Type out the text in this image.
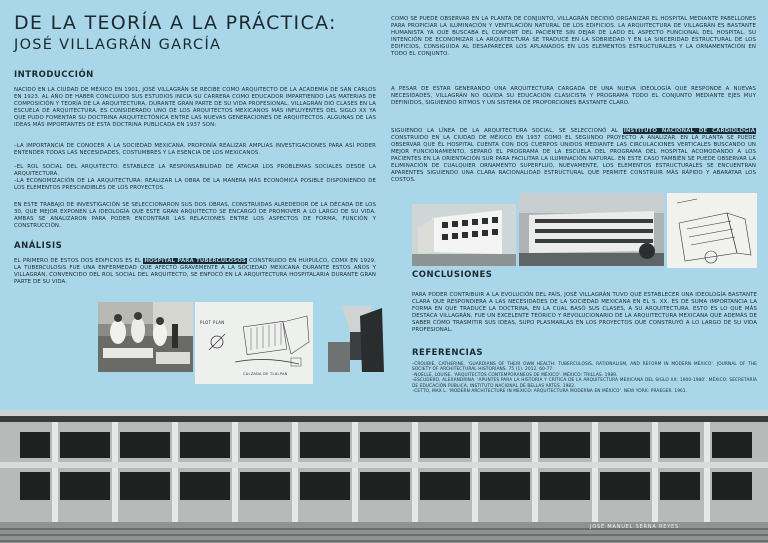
DE LA TEORÍA A LA PRÁCTICA:
JOSÉ VILLAGRÁN GARCÍA
INTRODUCCIÓN
NACIDO EN LA CIUDAD DE MÉXICO EN 1901, JOSÉ VILLAGRÁN SE RECIBE COMO ARQUITECTO DE LA ACADEMIA DE SAN CARLOS EN 1923. AL AÑO DE HABER CONCLUIDO SUS ESTUDIOS INICIA SU CARRERA COMO EDUCADOR IMPARTIENDO LAS MATERIAS DE COMPOSICIÓN Y TEORÍA DE LA ARQUITECTURA, DURANTE GRAN PARTE DE SU VIDA PROFESIONAL. VILLAGRÁN DIÓ CLASES EN LA ESCUELA DE ARQUITECTURA. ES CONSIDERADO UNO DE LOS ARQUITECTOS MEXICANOS MÁS INFLUYENTES DEL SIGLO XX YA QUE PUDO FOMENTAR SU DOCTRINA ARQUITECTÓNICA ENTRE LAS NUEVAS GENERACIONES DE ARQUITECTOS. ALGUNAS DE LAS IDEAS MÁS IMPORTANTES DE ESTA DOCTRINA PUBLICADA EN 1937 SON:
–LA IMPORTANCIA DE CONOCER A LA SOCIEDAD MEXICANA. PROPONÍA REALIZAR AMPLIAS INVESTIGACIONES PARA ASÍ PODER ENTENDER TODAS LAS NECESIDADES, COSTUMBRES Y LA ESENCIA DE LOS MEXICANOS.
–EL ROL SOCIAL DEL ARQUITECTO: ESTABLECE LA RESPONSABILIDAD DE ATACAR LOS PROBLEMAS SOCIALES DESDE LA ARQUITECTURA.
–LA ECONOMIZACIÓN DE LA ARQUITECTURA: REALIZAR LA OBRA DE LA MANERA MÁS ECONÓMICA POSIBLE DISPONIENDO DE LOS ELEMENTOS PRESCINDIBLES DE LOS PROYECTOS.
EN ESTE TRABAJO DE INVESTIGACIÓN SE SELECCIONARON SUS DOS OBRAS, CONSTRUIDAS ALREDEDOR DE LA DÉCADA DE LOS 30, QUE MEJOR EXPONEN LA IDEOLOGÍA QUE ESTE GRAN ARQUITECTO SE ENCARGÓ DE PROMOVER A LO LARGO DE SU VIDA. AMBAS SE ANALIZARON PARA PODER ENCONTRAR LAS RELACIONES ENTRE LOS ASPECTOS DE FORMA, FUNCIÓN Y CONSTRUCCIÓN.
ANÁLISIS
EL PRIMERO DE ESTOS DOS EDIFICIOS ES EL HOSPITAL PARA TUBERCULOSOS CONSTRUIDO EN HUIPULCO, CDMX EN 1929. LA TUBERCULOSIS FUE UNA ENFERMEDAD QUE AFECTÓ GRAVEMENTE A LA SOCIEDAD MEXICANA DURANTE ESTOS AÑOS Y VILLAGRÁN, CONVENCIDO DEL ROL SOCIAL DEL ARQUITECTO, SE ENFOCÓ EN LA ARQUITECTURA HOSPITALARIA DURANTE GRAN PARTE DE SU VIDA.
PLOT PLAN
CALZADA DE TLALPAN
COMO SE PUEDE OBSERVAR EN LA PLANTA DE CONJUNTO, VILLAGRÁN DECIDIÓ ORGANIZAR EL HOSPITAL MEDIANTE PABELLONES PARA PROPICIAR LA ILUMINACIÓN Y VENTILACIÓN NATURAL DE LOS EDIFICIOS. LA ARQUITECTURA DE VILLAGRÁN ES BASTANTE HUMANISTA YA QUE BUSCABA EL CONFORT DEL PACIENTE SIN DEJAR DE LADO EL ASPECTO FUNCIONAL DEL HOSPITAL. SU INTENCIÓN DE ECONOMIZAR LA ARQUITECTURA SE TRADUCE EN LA SOBRIEDAD Y EN LA SINCERIDAD ESTRUCTURAL DE LOS EDIFICIOS, CONSIGUIDA AL DESAPARECER LOS APLANADOS EN LOS ELEMENTOS ESTRUCTURALES Y LA ORNAMENTACIÓN EN TODO EL CONJUNTO.
A PESAR DE ESTAR GENERANDO UNA ARQUITECTURA CARGADA DE UNA NUEVA IDEOLOGÍA QUE RESPONDE A NUEVAS NECESIDADES, VILLAGRÁN NO OLVIDA SU EDUCACIÓN CLASICISTA Y PROGRAMA TODO EL CONJUNTO MEDIANTE EJES MUY DEFINIDOS, SIGUIENDO RITMOS Y UN SISTEMA DE PROPORCIONES BASTANTE CLARO.
SIGUIENDO LA LÍNEA DE LA ARQUITECTURA SOCIAL, SE SELECCIONÓ AL INSTITUTO NACIONAL DE CARDIOLOGÍA CONSTRUIDO EN LA CIUDAD DE MÉXICO EN 1937 COMO EL SEGUNDO PROYECTO A ANALIZAR. EN LA PLANTA SE PUEDE OBSERVAR QUE ÉL HOSPITAL CUENTA CON DOS CUERPOS UNIDOS MEDIANTE LAS CIRCULACIONES VERTICALES BUSCANDO UN MEJOR FUNCIONAMIENTO, SEPARÓ EL PROGRAMA DE LA ESCUELA DEL PROGRAMA DEL HOSPITAL ACOMODANDO A LOS PACIENTES EN LA ORIENTACIÓN SUR PARA FACILITAR LA ILUMINACIÓN NATURAL. EN ESTE CASO TAMBIÉN SE PUEDE OBSERVAR LA ELIMINACIÓN DE CUALQUIER ORNAMENTO SUPERFLUO, NUEVAMENTE, LOS ELEMENTOS ESTRUCTURALES SE ENCUENTRAN APARENTES SIGUIENDO UNA CLARA RACIONALIDAD ESTRUCTURAL QUE PERMITE CONSTRUIR MÁS RÁPIDO Y ABARATAR LOS COSTOS.
CONCLUSIONES
PARA PODER CONTRIBUIR A LA EVOLUCIÓN DEL PAÍS, JOSÉ VILLAGRÁN TUVO QUE ESTABLECER UNA IDEOLOGÍA BASTANTE CLARA QUE RESPONDIERA A LAS NECESIDADES DE LA SOCIEDAD MEXICANA EN EL S. XX. ES DE SUMA IMPORTANCIA LA FORMA EN QUE TRADUCE LA DOCTRINA, EN LA CUAL BASÓ SUS CLASES, A SU ARQUITECTURA. ESTO ES LO QUE MÁS DESTACA VILLAGRÁN, FUE UN EXCELENTE TEÓRICO Y REVOLUCIONARIO DE LA ARQUITECTURA MEXICANA QUE ADEMÁS DE SABER CÓMO TRASMITIR SUS IDEAS, SUPO PLASMARLAS EN LOS PROYECTOS QUE CONSTRUYÓ A LO LARGO DE SU VIDA PROFESIONAL.
REFERENCIAS
–CROUBIE, CATHERINE. 'GUARDIANS OF THEIR OWN HEALTH: TUBERCULOSIS, RATIONALISM, AND REFORM IN MODERN MÉXICO'. JOURNAL OF THE SOCIETY OF ARCHITECTURAL HISTORIANS. 75 (1). 2012. 60-77.
–NOELLE, LOUISE. 'ARQUITECTOS CONTEMPORÁNEOS DE MÉXICO'. MÉXICO: TRILLAS. 1989.
–ESCUDERO, ALEXANDRINA. 'APUNTES PARA LA HISTORIA Y CRÍTICA DE LA ARQUITECTURA MEXICANA DEL SIGLO XX: 1900-1980'. MÉXICO: SECRETARÍA DE EDUCACIÓN PÚBLICA, INSTITUTO NACIONAL DE BELLAS ARTES. 1982.
–CETTO, MAX L. 'MODERN ARCHITECTURE IN MEXICO: ARQUITECTURA MODERNA EN MÉXICO'. NEW YORK: PRAEGER. 1961.
JOSÉ MANUEL SERNA REYES
